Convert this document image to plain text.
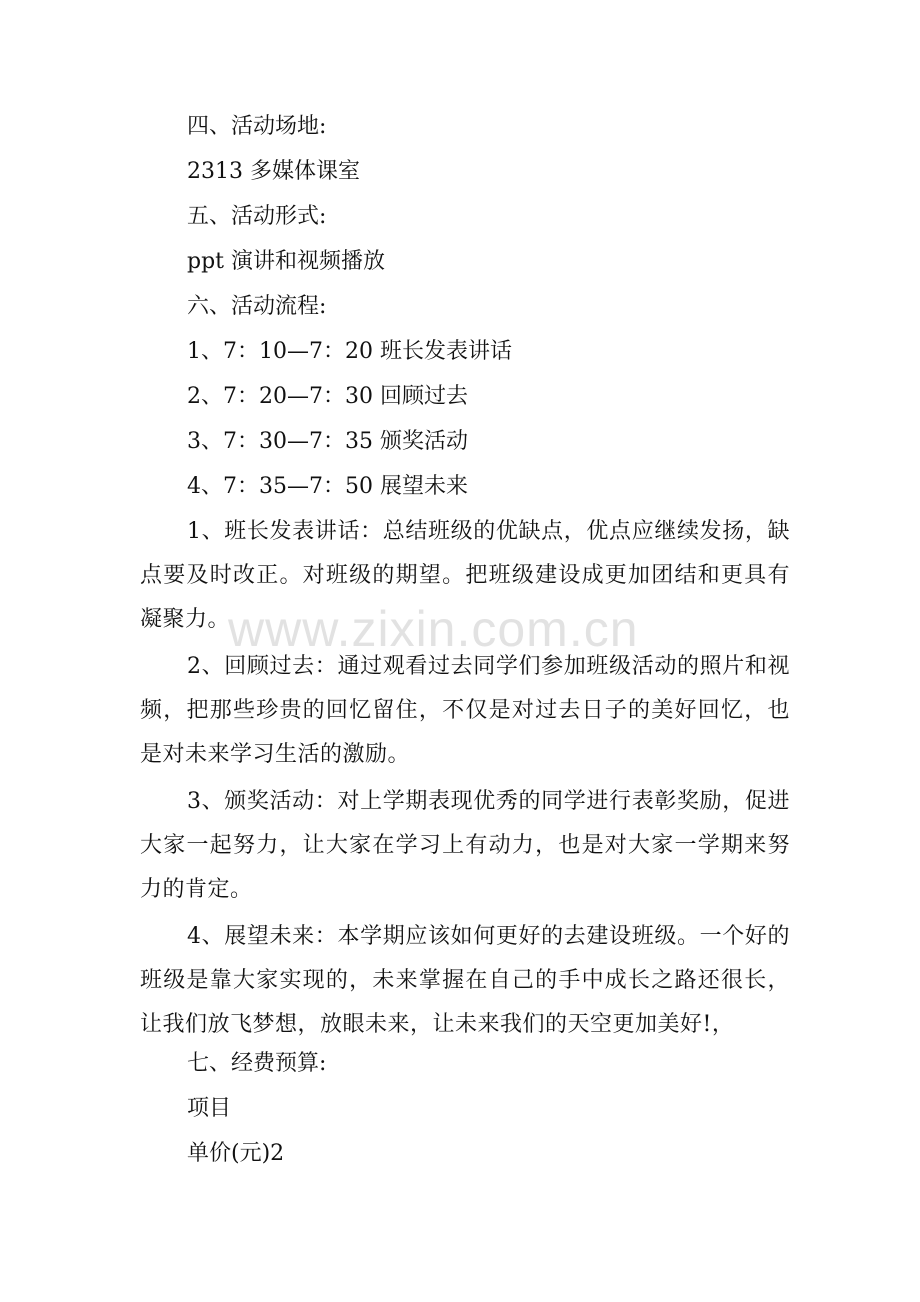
四、活动场地:
2313 多媒体课室
五、活动形式:
ppt 演讲和视频播放
六、活动流程:
1、7：10—7：20 班长发表讲话
2、7：20—7：30 回顾过去
3、7：30—7：35 颁奖活动
4、7：35—7：50 展望未来
1、班长发表讲话：总结班级的优缺点，优点应继续发扬，缺点要及时改正。对班级的期望。把班级建设成更加团结和更具有凝聚力。
2、回顾过去：通过观看过去同学们参加班级活动的照片和视频，把那些珍贵的回忆留住，不仅是对过去日子的美好回忆，也是对未来学习生活的激励。
3、颁奖活动：对上学期表现优秀的同学进行表彰奖励，促进大家一起努力，让大家在学习上有动力，也是对大家一学期来努力的肯定。
4、展望未来：本学期应该如何更好的去建设班级。一个好的班级是靠大家实现的，未来掌握在自己的手中成长之路还很长，让我们放飞梦想，放眼未来，让未来我们的天空更加美好!，
七、经费预算:
项目
单价(元)2
www.zixin.com.cn
